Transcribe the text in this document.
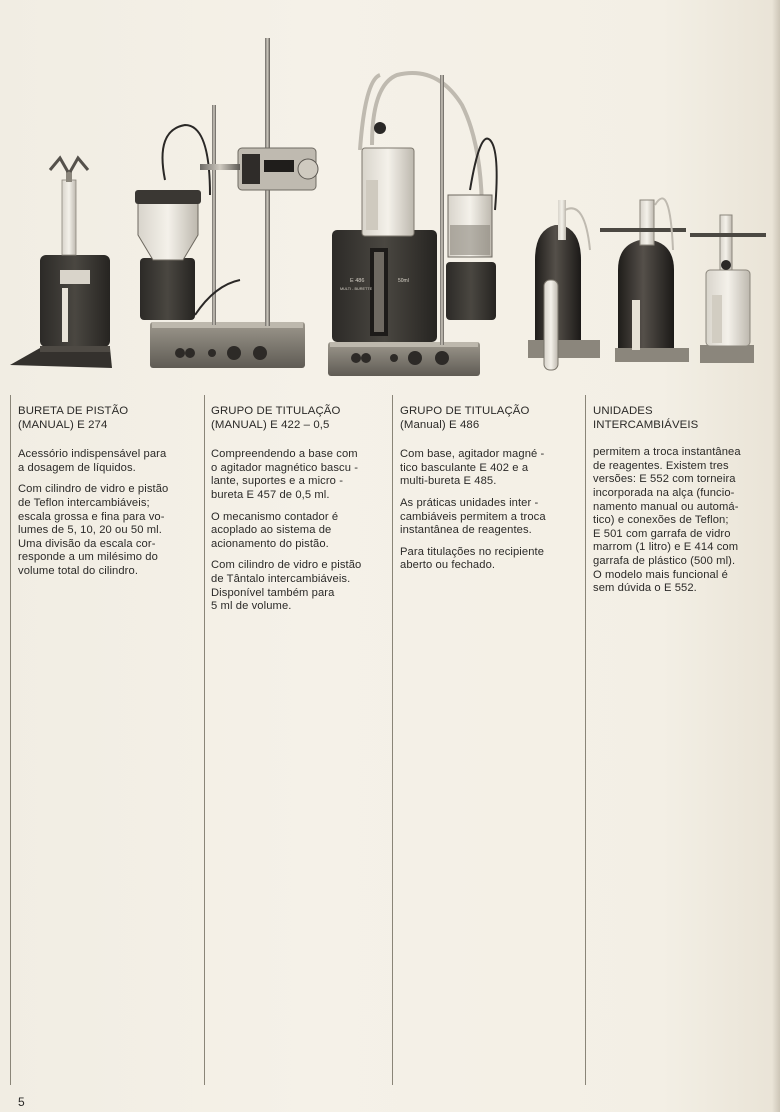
E 486
MULTI - BURETTE
50ml
BURETA DE PISTÃO
(MANUAL) E 274

Acessório indispensável para
a dosagem de líquidos.

Com cilindro de vidro e pistão
de Teflon intercambiáveis;
escala grossa e fina para vo-
lumes de 5, 10, 20 ou 50 ml.
Uma divisão da escala cor-
responde a um milésimo do
volume total do cilindro.

GRUPO DE TITULAÇÃO
(MANUAL) E 422 – 0,5

Compreendendo a base com
o agitador magnético bascu -
lante, suportes e a micro -
bureta E 457 de 0,5 ml.

O mecanismo contador é
acoplado ao sistema de
acionamento do pistão.

Com cilindro de vidro e pistão
de Tântalo intercambiáveis.
Disponível também para
5 ml de volume.

GRUPO DE TITULAÇÃO
(Manual) E 486

Com base, agitador magné -
tico basculante E 402 e a
multi-bureta E 485.

As práticas unidades inter -
cambiáveis permitem a troca
instantânea de reagentes.

Para titulações no recipiente
aberto ou fechado.

UNIDADES
INTERCAMBIÁVEIS

permitem a troca instantânea
de reagentes. Existem tres
versões: E 552 com torneira
incorporada na alça (funcio-
namento manual ou automá-
tico) e conexões de Teflon;
E 501 com garrafa de vidro
marrom (1 litro) e E 414 com
garrafa de plástico (500 ml).
O modelo mais funcional é
sem dúvida o E 552.

5
